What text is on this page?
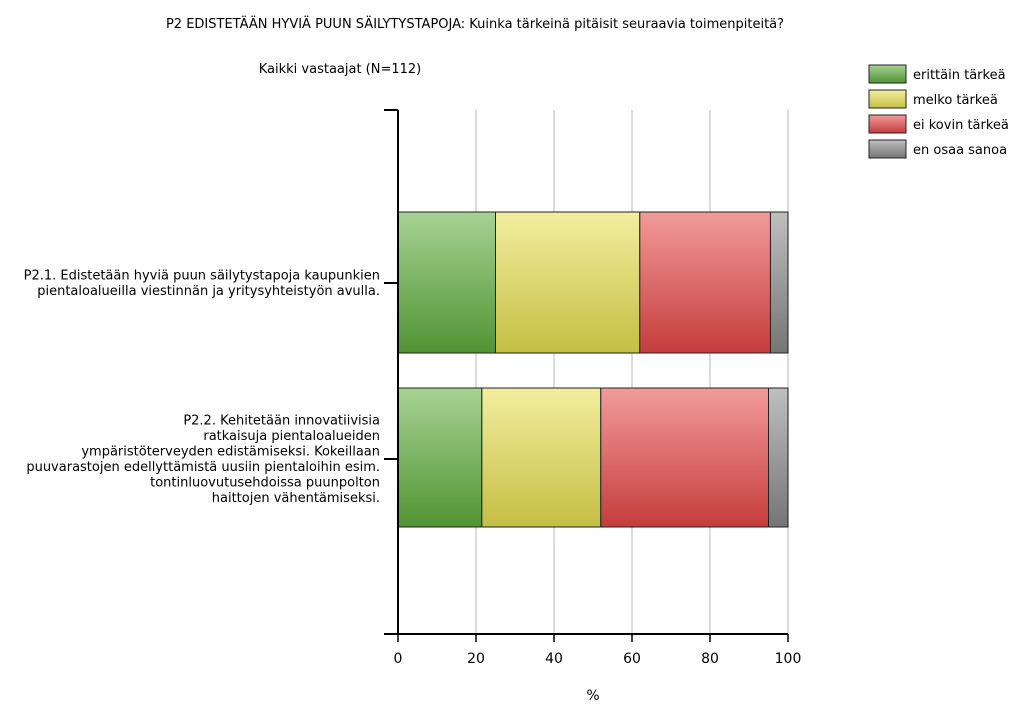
P2 EDISTETÄÄN HYVIÄ PUUN SÄILYTYSTAPOJA: Kuinka tärkeinä pitäisit seuraavia toimenpiteitä?
Kaikki vastaajat (N=112)
0	20	40	60	80	100
P2.1. Edistetään hyviä puun säilytystapoja kaupunkien pientaloalueilla viestinnän ja yritysyhteistyön avulla.
P2.2. Kehitetään innovatiivisia ratkaisuja pientaloalueiden ympäristöterveyden edistämiseksi. Kokeillaan puuvarastojen edellyttämistä uusiin pientaloihin esim. tontinluovutusehdoissa puunpolton haittojen vähentämiseksi.
%
erittäin tärkeä
melko tärkeä
ei kovin tärkeä
en osaa sanoa
